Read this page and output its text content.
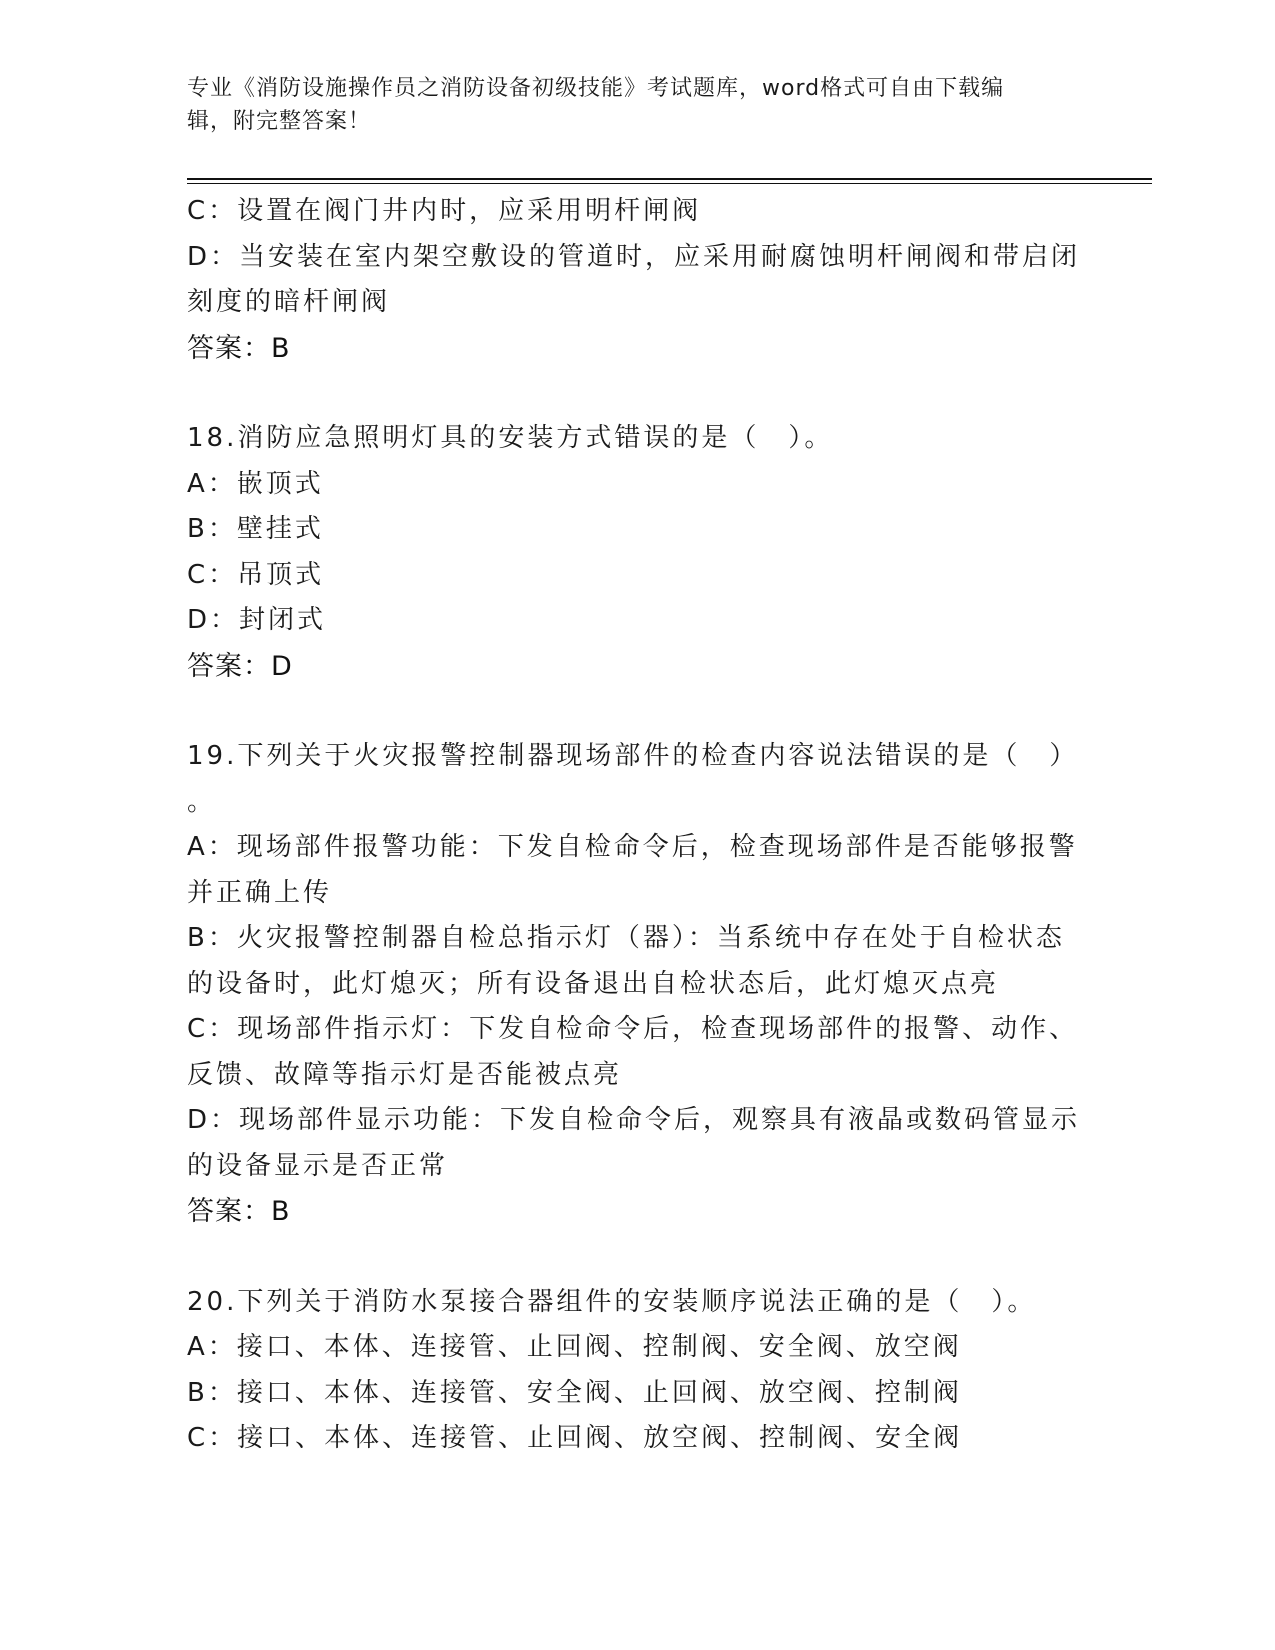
专业《消防设施操作员之消防设备初级技能》考试题库，word格式可自由下载编
辑，附完整答案！
C：设置在阀门井内时，应采用明杆闸阀
D：当安装在室内架空敷设的管道时，应采用耐腐蚀明杆闸阀和带启闭
刻度的暗杆闸阀
答案：B
18.消防应急照明灯具的安装方式错误的是（　）。
A：嵌顶式
B：壁挂式
C：吊顶式
D：封闭式
答案：D
19.下列关于火灾报警控制器现场部件的检查内容说法错误的是（　）
。
A：现场部件报警功能：下发自检命令后，检查现场部件是否能够报警
并正确上传
B：火灾报警控制器自检总指示灯（器）：当系统中存在处于自检状态
的设备时，此灯熄灭；所有设备退出自检状态后，此灯熄灭点亮
C：现场部件指示灯：下发自检命令后，检查现场部件的报警、动作、
反馈、故障等指示灯是否能被点亮
D：现场部件显示功能：下发自检命令后，观察具有液晶或数码管显示
的设备显示是否正常
答案：B
20.下列关于消防水泵接合器组件的安装顺序说法正确的是（　）。
A：接口、本体、连接管、止回阀、控制阀、安全阀、放空阀
B：接口、本体、连接管、安全阀、止回阀、放空阀、控制阀
C：接口、本体、连接管、止回阀、放空阀、控制阀、安全阀
